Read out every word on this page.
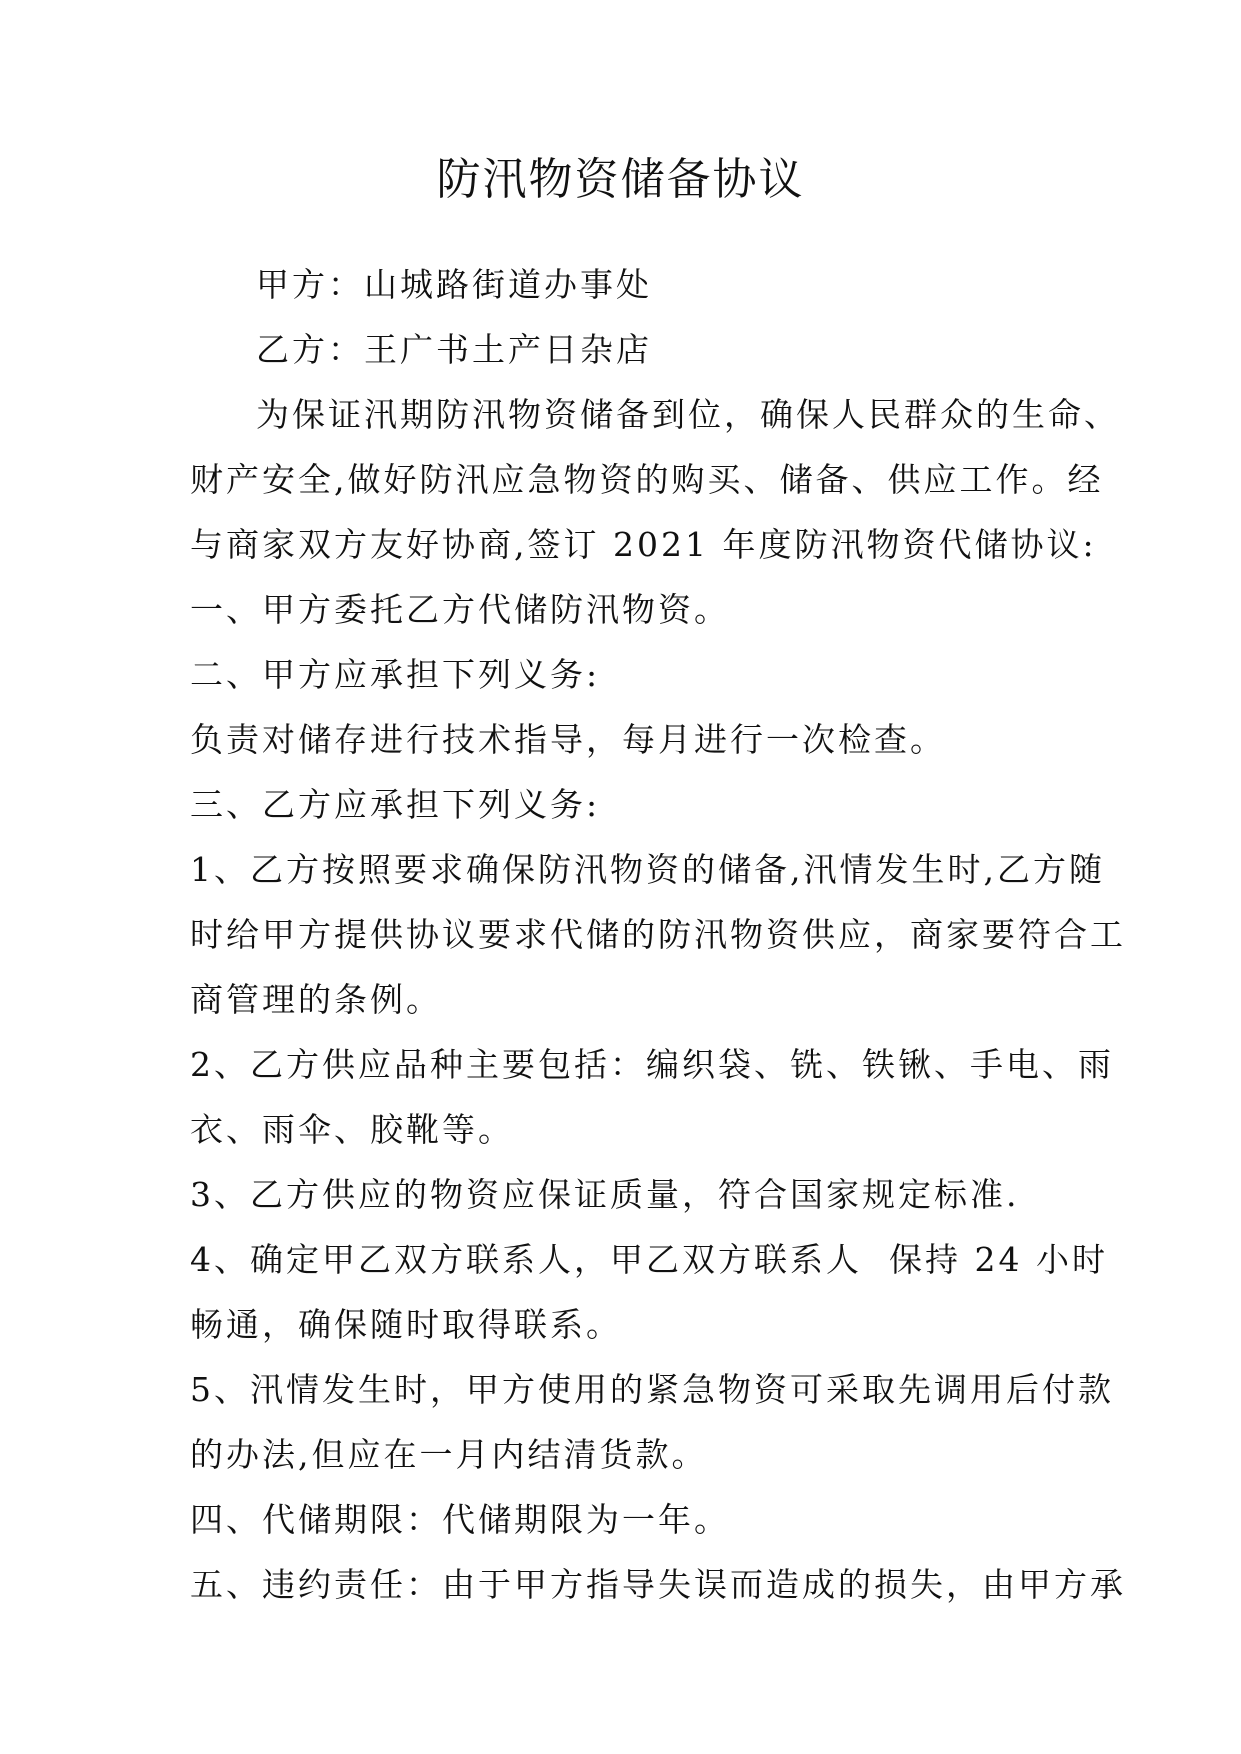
防汛物资储备协议
甲方：山城路街道办事处
乙方：王广书土产日杂店
为保证汛期防汛物资储备到位，确保人民群众的生命、
财产安全,做好防汛应急物资的购买、储备、供应工作。经
与商家双方友好协商,签订 2021 年度防汛物资代储协议:
一、甲方委托乙方代储防汛物资。
二、甲方应承担下列义务:
负责对储存进行技术指导，每月进行一次检查。
三、乙方应承担下列义务:
1、乙方按照要求确保防汛物资的储备,汛情发生时,乙方随
时给甲方提供协议要求代储的防汛物资供应，商家要符合工
商管理的条例。
2、乙方供应品种主要包括：编织袋、铣、铁锹、手电、雨
衣、雨伞、胶靴等。
3、乙方供应的物资应保证质量，符合国家规定标准.
4、确定甲乙双方联系人，甲乙双方联系人  保持 24 小时
畅通，确保随时取得联系。
5、汛情发生时，甲方使用的紧急物资可采取先调用后付款
的办法,但应在一月内结清货款。
四、代储期限：代储期限为一年。
五、违约责任：由于甲方指导失误而造成的损失，由甲方承
